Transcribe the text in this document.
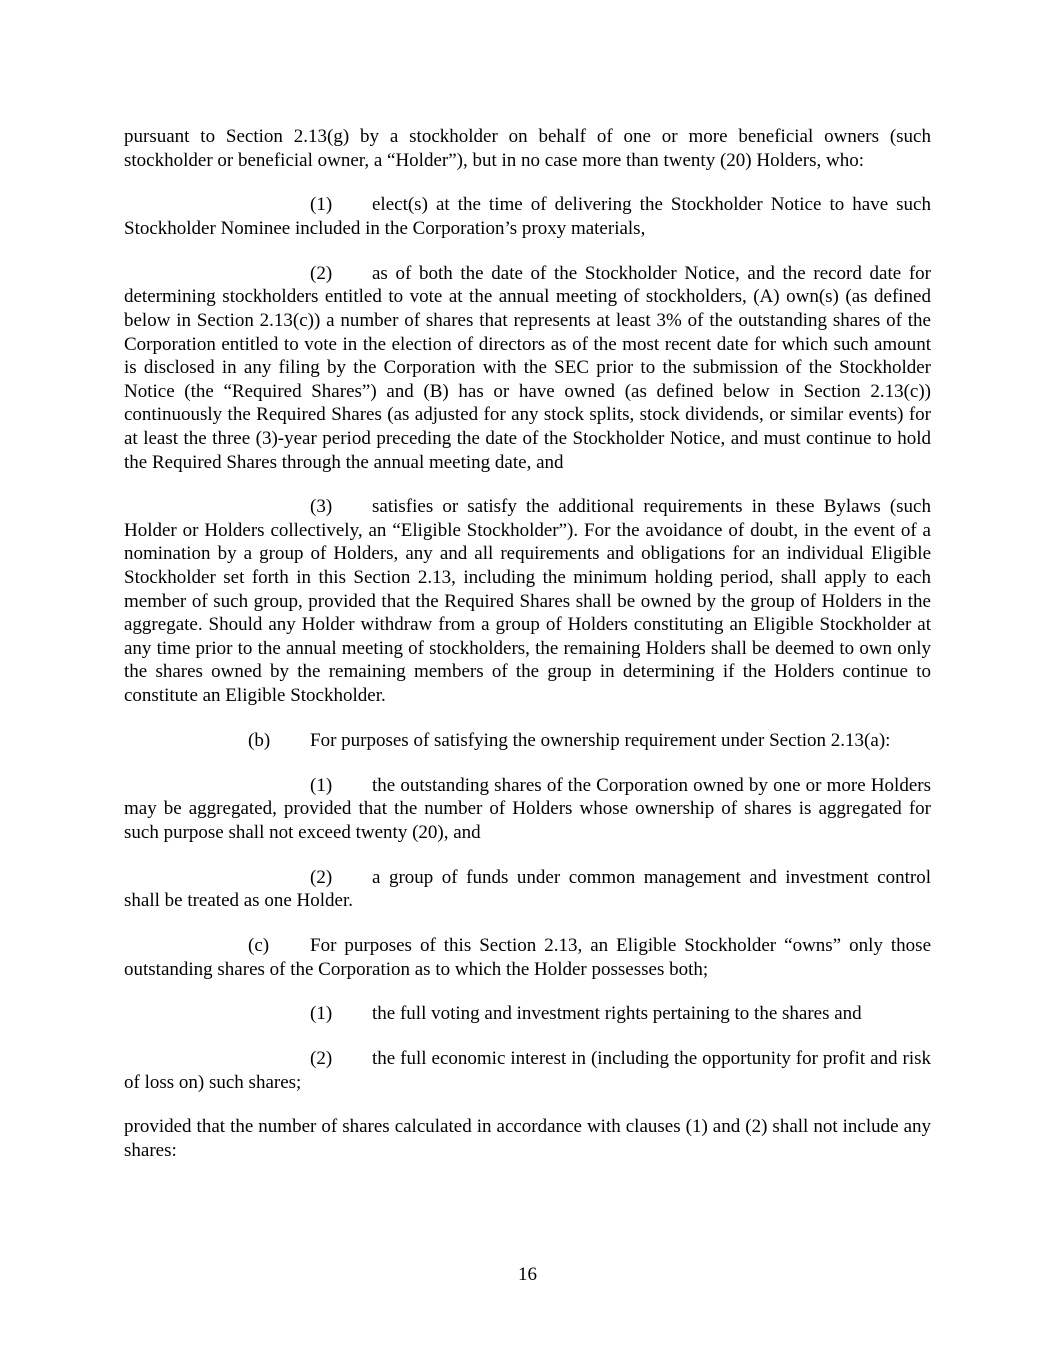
pursuant to Section 2.13(g) by a stockholder on behalf of one or more beneficial owners (such stockholder or beneficial owner, a “Holder”), but in no case more than twenty (20) Holders, who:

(1) elect(s) at the time of delivering the Stockholder Notice to have such Stockholder Nominee included in the Corporation’s proxy materials,

(2) as of both the date of the Stockholder Notice, and the record date for determining stockholders entitled to vote at the annual meeting of stockholders, (A) own(s) (as defined below in Section 2.13(c)) a number of shares that represents at least 3% of the outstanding shares of the Corporation entitled to vote in the election of directors as of the most recent date for which such amount is disclosed in any filing by the Corporation with the SEC prior to the submission of the Stockholder Notice (the “Required Shares”) and (B) has or have owned (as defined below in Section 2.13(c)) continuously the Required Shares (as adjusted for any stock splits, stock dividends, or similar events) for at least the three (3)-year period preceding the date of the Stockholder Notice, and must continue to hold the Required Shares through the annual meeting date, and

(3) satisfies or satisfy the additional requirements in these Bylaws (such Holder or Holders collectively, an “Eligible Stockholder”). For the avoidance of doubt, in the event of a nomination by a group of Holders, any and all requirements and obligations for an individual Eligible Stockholder set forth in this Section 2.13, including the minimum holding period, shall apply to each member of such group, provided that the Required Shares shall be owned by the group of Holders in the aggregate. Should any Holder withdraw from a group of Holders constituting an Eligible Stockholder at any time prior to the annual meeting of stockholders, the remaining Holders shall be deemed to own only the shares owned by the remaining members of the group in determining if the Holders continue to constitute an Eligible Stockholder.

(b) For purposes of satisfying the ownership requirement under Section 2.13(a):

(1) the outstanding shares of the Corporation owned by one or more Holders may be aggregated, provided that the number of Holders whose ownership of shares is aggregated for such purpose shall not exceed twenty (20), and

(2) a group of funds under common management and investment control shall be treated as one Holder.

(c) For purposes of this Section 2.13, an Eligible Stockholder “owns” only those outstanding shares of the Corporation as to which the Holder possesses both;

(1) the full voting and investment rights pertaining to the shares and

(2) the full economic interest in (including the opportunity for profit and risk of loss on) such shares;

provided that the number of shares calculated in accordance with clauses (1) and (2) shall not include any shares:

16
